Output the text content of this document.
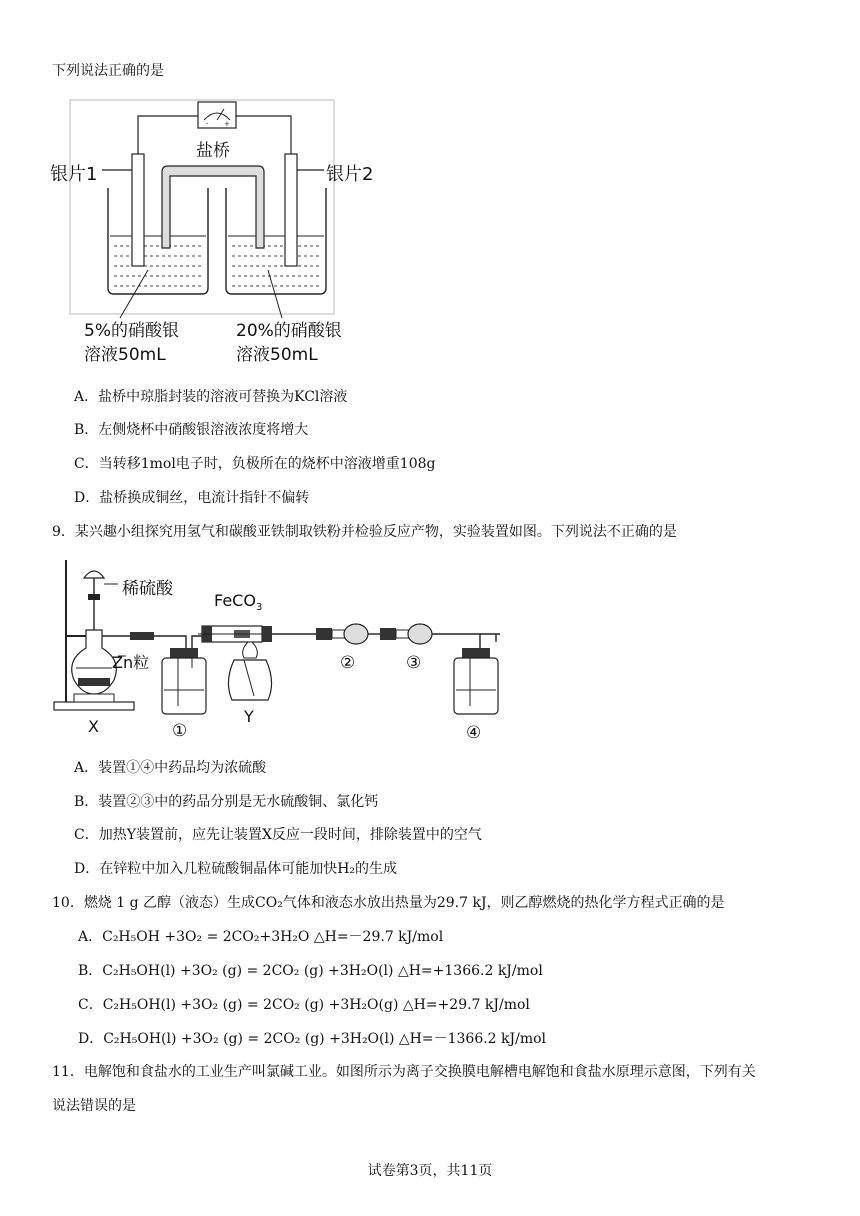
下列说法正确的是
- +
盐桥
银片1	银片2
5%的硝酸银
溶液50mL
20%的硝酸银
溶液50mL
A．盐桥中琼脂封装的溶液可替换为KCl溶液
B．左侧烧杯中硝酸银溶液浓度将增大
C．当转移1mol电子时，负极所在的烧杯中溶液增重108g
D．盐桥换成铜丝，电流计指针不偏转
9．某兴趣小组探究用氢气和碳酸亚铁制取铁粉并检验反应产物，实验装置如图。下列说法不正确的是
稀硫酸
Zn粒
FeCO$_3$
X
Y
①
②	③
④
A．装置①④中药品均为浓硫酸
B．装置②③中的药品分别是无水硫酸铜、氯化钙
C．加热Y装置前，应先让装置X反应一段时间，排除装置中的空气
D．在锌粒中加入几粒硫酸铜晶体可能加快H₂的生成
10．燃烧 1 g 乙醇（液态）生成CO₂气体和液态水放出热量为29.7 kJ，则乙醇燃烧的热化学方程式正确的是
A．C₂H₅OH +3O₂ = 2CO₂+3H₂O △H=－29.7 kJ/mol
B．C₂H₅OH(l) +3O₂ (g) = 2CO₂ (g) +3H₂O(l) △H=+1366.2 kJ/mol
C．C₂H₅OH(l) +3O₂ (g) = 2CO₂ (g) +3H₂O(g) △H=+29.7 kJ/mol
D．C₂H₅OH(l) +3O₂ (g) = 2CO₂ (g) +3H₂O(l) △H=－1366.2 kJ/mol
11．电解饱和食盐水的工业生产叫氯碱工业。如图所示为离子交换膜电解槽电解饱和食盐水原理示意图，下列有关
说法错误的是
试卷第3页，共11页
